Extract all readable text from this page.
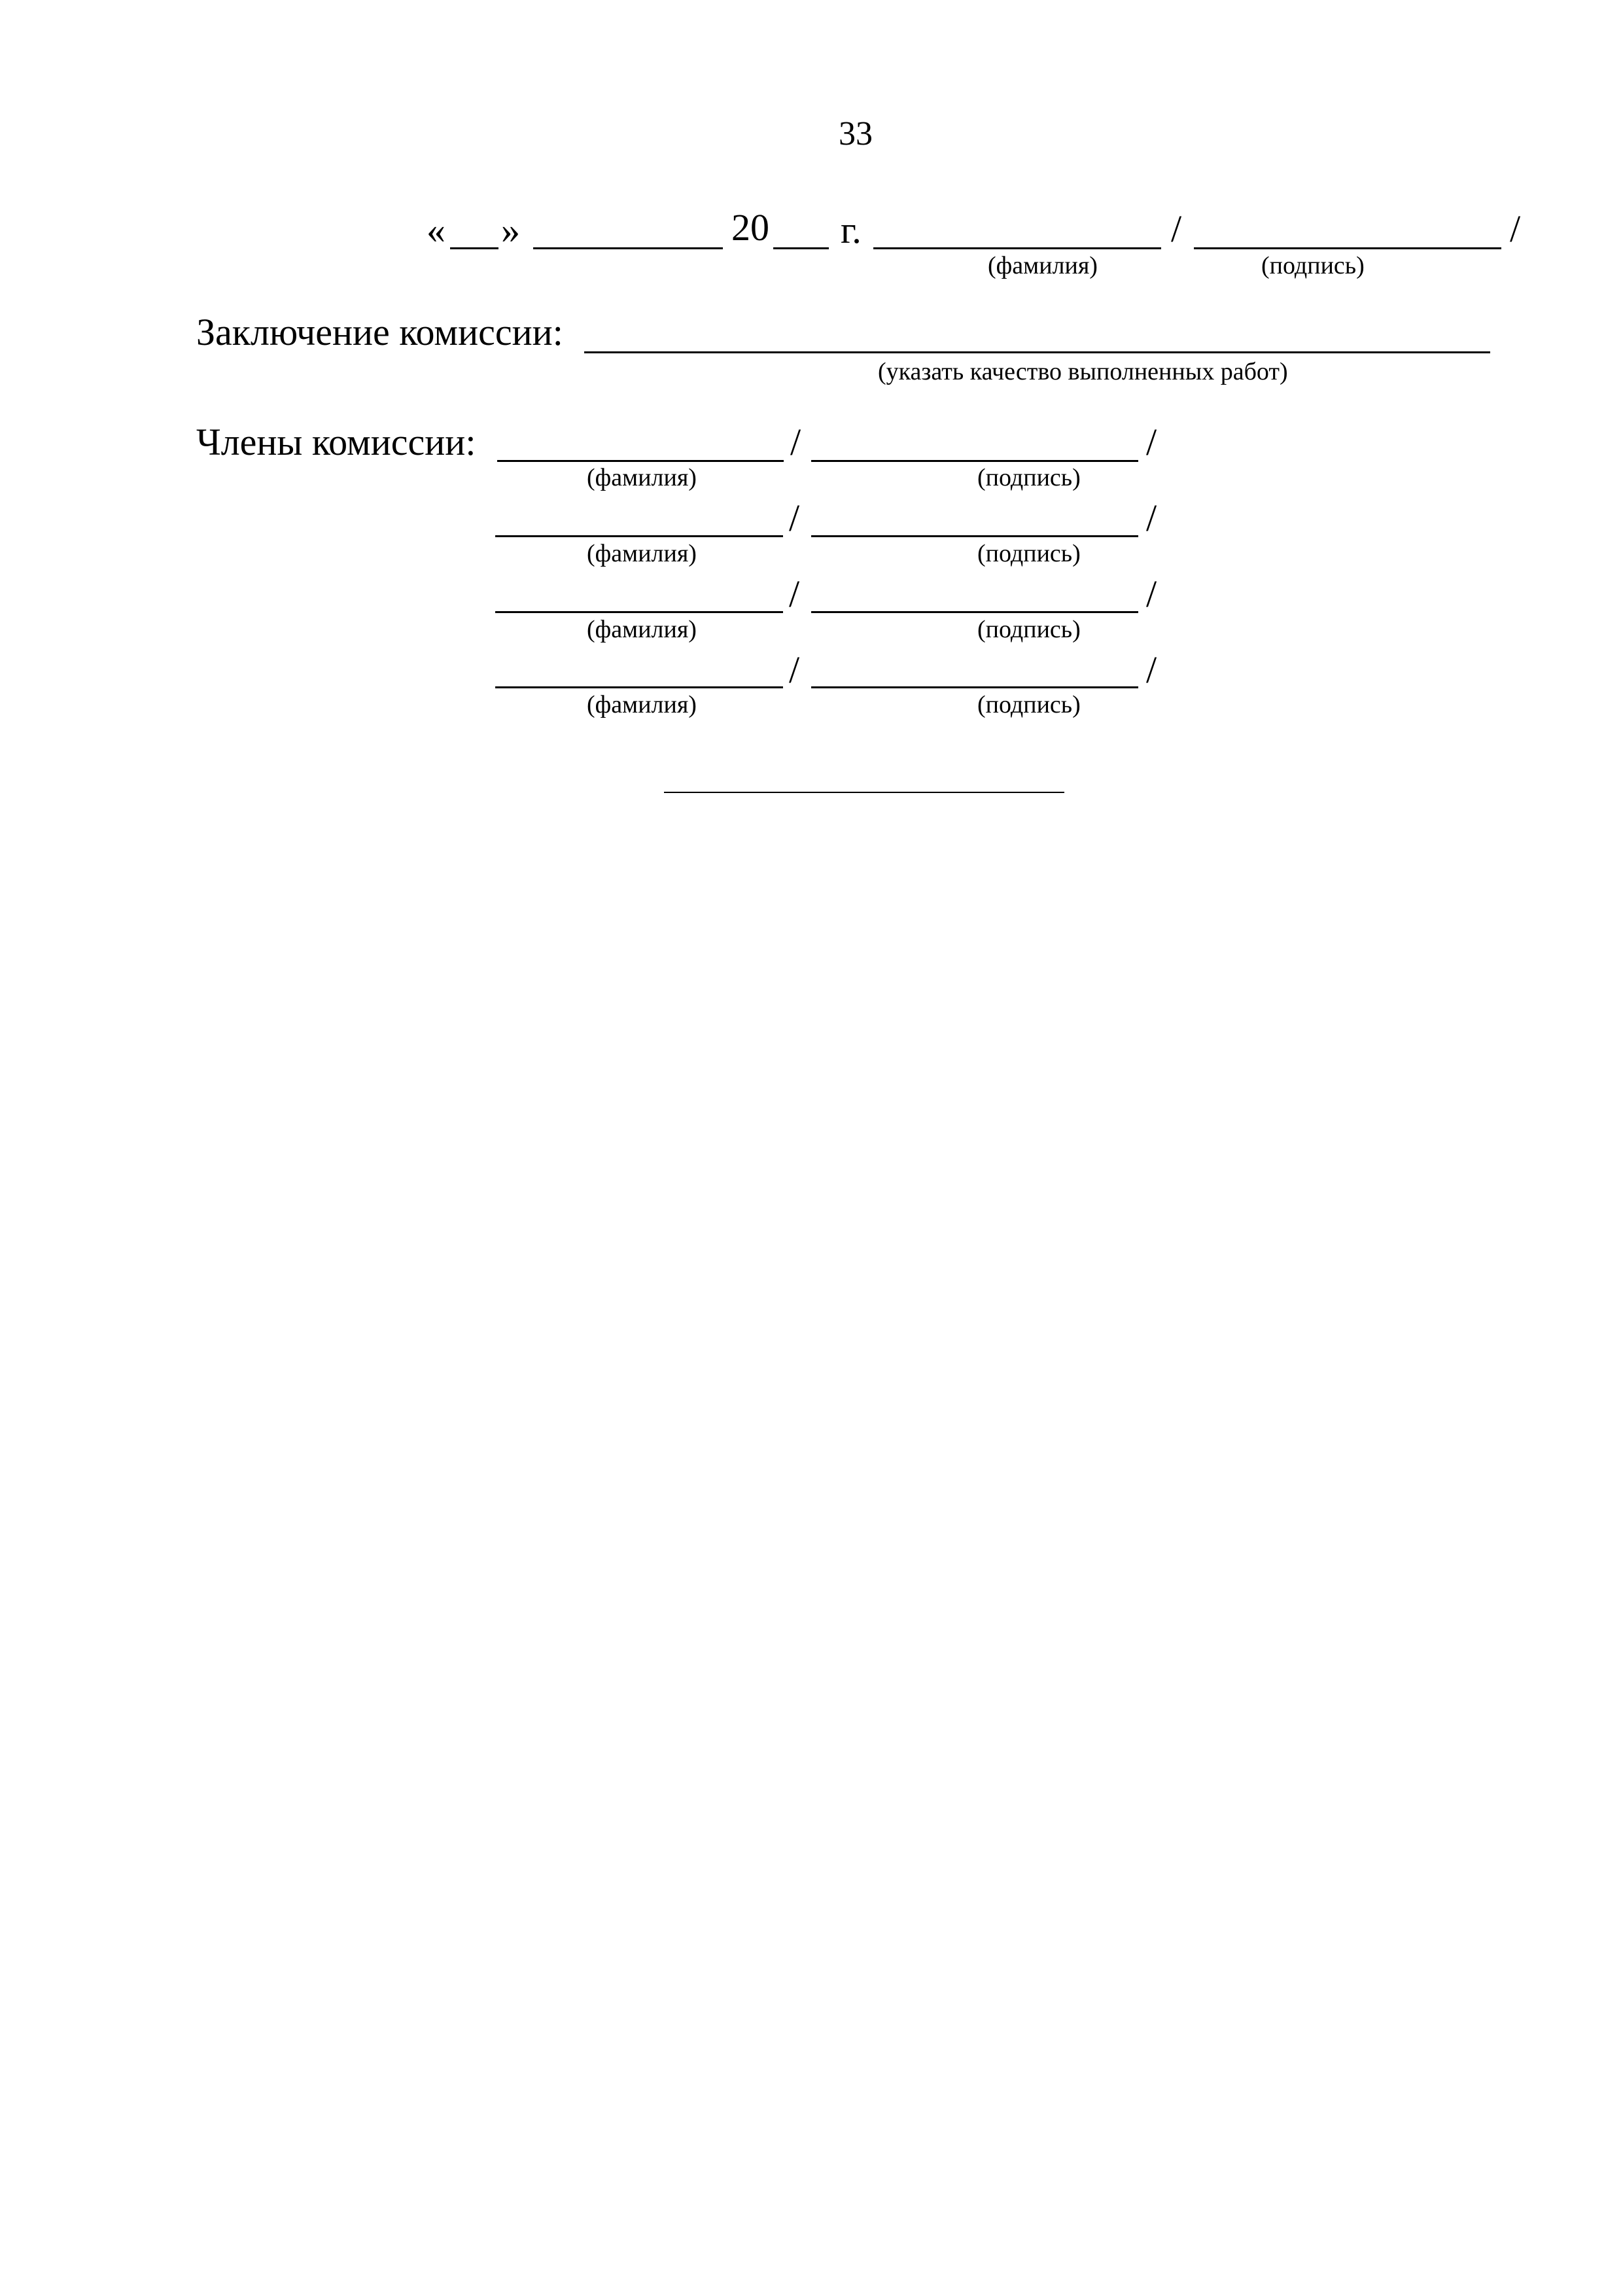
33
« »	20 г.	/	/
(фамилия)	(подпись)
Заключение комиссии:
(указать качество выполненных работ)
Члены комиссии:	/	/
(фамилия)	(подпись)
/	/
(фамилия)	(подпись)
/	/
(фамилия)	(подпись)
/	/
(фамилия)	(подпись)
